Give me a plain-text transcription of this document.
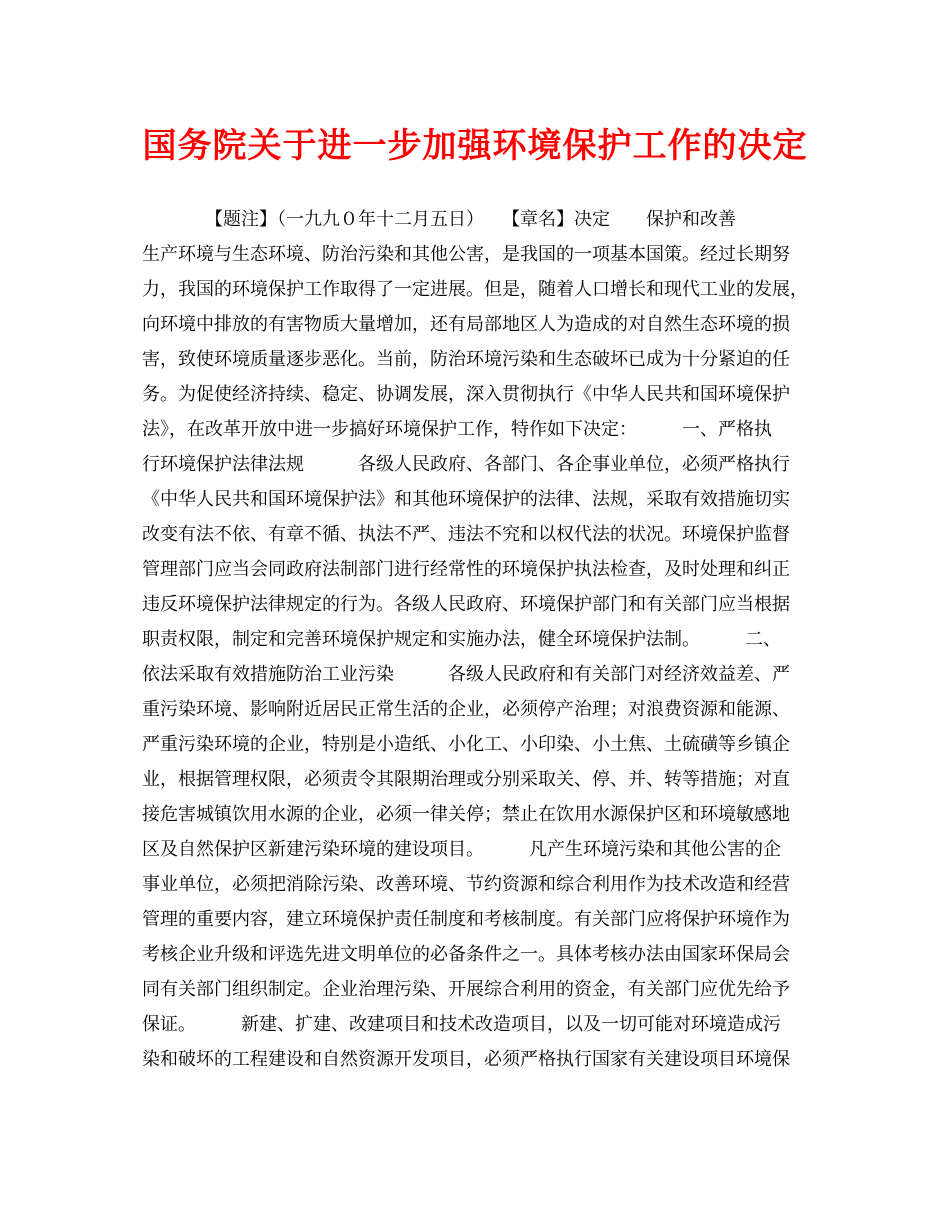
国务院关于进一步加强环境保护工作的决定
　　　　【题注】（一九九０年十二月五日）　　【章名】决定　　保护和改善
生产环境与生态环境、防治污染和其他公害，是我国的一项基本国策。经过长期努
力，我国的环境保护工作取得了一定进展。但是，随着人口增长和现代工业的发展，
向环境中排放的有害物质大量增加，还有局部地区人为造成的对自然生态环境的损
害，致使环境质量逐步恶化。当前，防治环境污染和生态破坏已成为十分紧迫的任
务。为促使经济持续、稳定、协调发展，深入贯彻执行《中华人民共和国环境保护
法》，在改革开放中进一步搞好环境保护工作，特作如下决定：　　　一、严格执
行环境保护法律法规　　　各级人民政府、各部门、各企事业单位，必须严格执行
《中华人民共和国环境保护法》和其他环境保护的法律、法规，采取有效措施切实
改变有法不依、有章不循、执法不严、违法不究和以权代法的状况。环境保护监督
管理部门应当会同政府法制部门进行经常性的环境保护执法检查，及时处理和纠正
违反环境保护法律规定的行为。各级人民政府、环境保护部门和有关部门应当根据
职责权限，制定和完善环境保护规定和实施办法，健全环境保护法制。　　　二、
依法采取有效措施防治工业污染　　　各级人民政府和有关部门对经济效益差、严
重污染环境、影响附近居民正常生活的企业，必须停产治理；对浪费资源和能源、
严重污染环境的企业，特别是小造纸、小化工、小印染、小土焦、土硫磺等乡镇企
业，根据管理权限，必须责令其限期治理或分别采取关、停、并、转等措施；对直
接危害城镇饮用水源的企业，必须一律关停；禁止在饮用水源保护区和环境敏感地
区及自然保护区新建污染环境的建设项目。　　　凡产生环境污染和其他公害的企
事业单位，必须把消除污染、改善环境、节约资源和综合利用作为技术改造和经营
管理的重要内容，建立环境保护责任制度和考核制度。有关部门应将保护环境作为
考核企业升级和评选先进文明单位的必备条件之一。具体考核办法由国家环保局会
同有关部门组织制定。企业治理污染、开展综合利用的资金，有关部门应优先给予
保证。　　　新建、扩建、改建项目和技术改造项目，以及一切可能对环境造成污
染和破坏的工程建设和自然资源开发项目，必须严格执行国家有关建设项目环境保
